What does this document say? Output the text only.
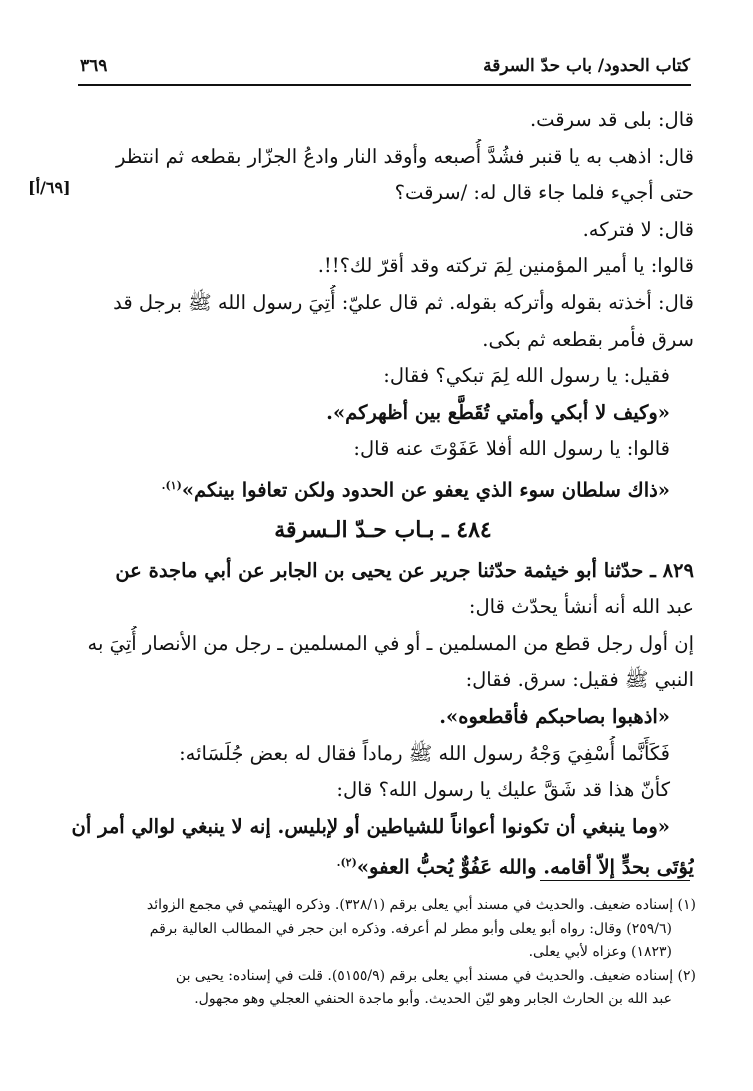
كتاب الحدود/ باب حدّ السرقة
٣٦٩
[٦٩/أ]
قال: بلى قد سرقت.
قال: اذهب به يا قنبر فشُدَّ أُصبعه وأوقد النار وادعُ الجزّار بقطعه ثم انتظر
حتى أجيء فلما جاء قال له: /سرقت؟
قال: لا فتركه.
قالوا: يا أمير المؤمنين لِمَ تركته وقد أقرّ لك؟!!.
قال: أخذته بقوله وأتركه بقوله. ثم قال عليّ: أُتِيَ رسول الله ﷺ برجل قد
سرق فأمر بقطعه ثم بكى.
فقيل: يا رسول الله لِمَ تبكي؟ فقال:
«وكيف لا أبكي وأمتي تُقَطَّع بين أظهركم».
قالوا: يا رسول الله أفلا عَفَوْتَ عنه قال:
«ذاك سلطان سوء الذي يعفو عن الحدود ولكن تعافوا بينكم»$^{(١).}$
٤٨٤ ـ بـاب حـدّ الـسرقة
٨٢٩ ـ حدّثنا أبو خيثمة حدّثنا جرير عن يحيى بن الجابر عن أبي ماجدة عن
عبد الله أنه أنشأ يحدّث قال:
إن أول رجل قطع من المسلمين ـ أو في المسلمين ـ رجل من الأنصار أُتِيَ به
النبي ﷺ فقيل: سرق. فقال:
«اذهبوا بصاحبكم فأقطعوه».
فَكَأَنَّما أُسْفِيَ وَجْهُ رسول الله ﷺ رماداً فقال له بعض جُلَسَائه:
كأنّ هذا قد شَقَّ عليك يا رسول الله؟ قال:
«وما ينبغي أن تكونوا أعواناً للشياطين أو لإبليس. إنه لا ينبغي لوالي أمر أن
يُؤتَى بحدٍّ إلاّ أقامه. والله عَفُوٌّ يُحبُّ العفو»$^{(٢).}$
(١) إسناده ضعيف. والحديث في مسند أبي يعلى برقم (٣٢٨/١). وذكره الهيثمي في مجمع الزوائد
(٢٥٩/٦) وقال: رواه أبو يعلى وأبو مطر لم أعرفه. وذكره ابن حجر في المطالب العالية برقم
(١٨٢٣) وعزاه لأبي يعلى.
(٢) إسناده ضعيف. والحديث في مسند أبي يعلى برقم (٥١٥٥/٩). قلت في إسناده: يحيى بن
عبد الله بن الحارث الجابر وهو ليّن الحديث. وأبو ماجدة الحنفي العجلي وهو مجهول.
